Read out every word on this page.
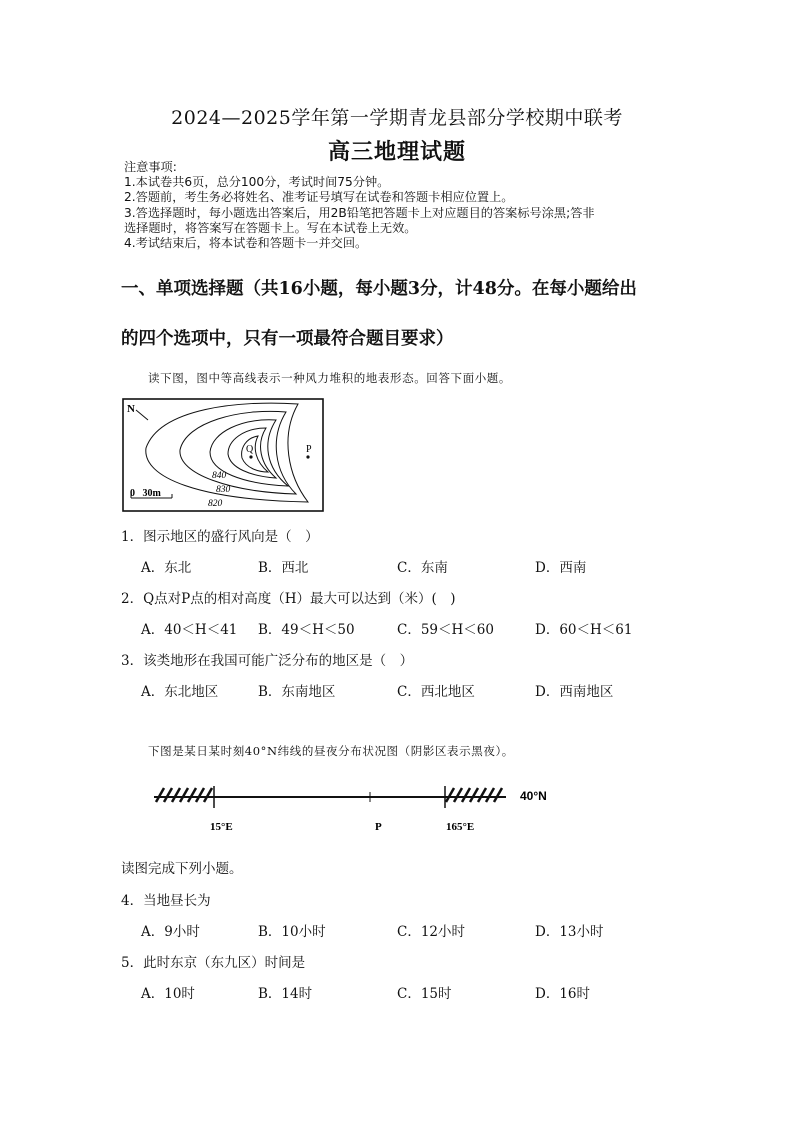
2024—2025学年第一学期青龙县部分学校期中联考
高三地理试题
注意事项:
1.本试卷共6页，总分100分，考试时间75分钟。
2.答题前，考生务必将姓名、准考证号填写在试卷和答题卡相应位置上。
3.答选择题时，每小题选出答案后，用2B铅笔把答题卡上对应题目的答案标号涂黑;答非
选择题时，将答案写在答题卡上。写在本试卷上无效。
4.考试结束后，将本试卷和答题卡一并交回。
一、单项选择题（共16小题，每小题3分，计48分。在每小题给出
的四个选项中，只有一项最符合题目要求）
读下图，图中等高线表示一种风力堆积的地表形态。回答下面小题。
N
Q	P
840
830
820
0   30m
1．图示地区的盛行风向是（　）
A．东北	B．西北	C．东南	D．西南
2．Q点对P点的相对高度（H）最大可以达到（米）(　)
A．40＜H＜41 B．49＜H＜50	C．59＜H＜60	D．60＜H＜61
3．该类地形在我国可能广泛分布的地区是（　）
A．东北地区	B．东南地区	C．西北地区	D．西南地区
下图是某日某时刻40°N纬线的昼夜分布状况图（阴影区表示黑夜）。
40°N
15°E	P	165°E
读图完成下列小题。
4．当地昼长为
A．9小时	B．10小时	C．12小时	D．13小时
5．此时东京（东九区）时间是
A．10时	B．14时	C．15时	D．16时
